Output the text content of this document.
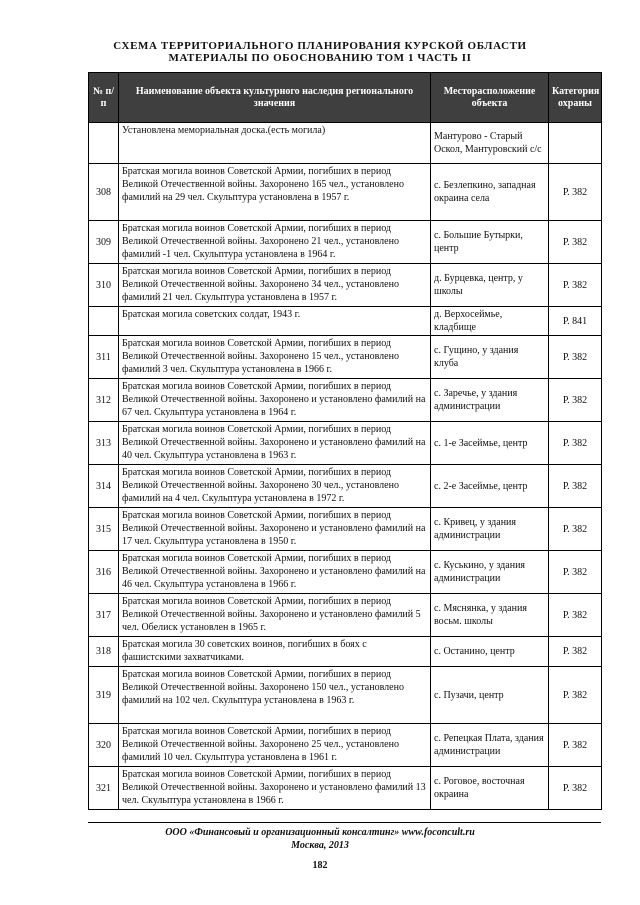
СХЕМА ТЕРРИТОРИАЛЬНОГО ПЛАНИРОВАНИЯ КУРСКОЙ ОБЛАСТИ
МАТЕРИАЛЫ ПО ОБОСНОВАНИЮ ТОМ 1 ЧАСТЬ II
№ п/п	Наименование объекта культурного наследия регионального значения	Месторасположение объекта	Категория охраны
	Установлена мемориальная доска.(есть могила)	Мантурово - Старый Оскол, Мантуровский с/с	
308	Братская могила воинов Советской Армии, погибших в период Великой Отечественной войны. Захоронено 165 чел., установлено фамилий на 29 чел. Скульптура установлена в 1957 г.	с. Безлепкино, западная окраина села	Р. 382
309	Братская могила воинов Советской Армии, погибших в период Великой Отечественной войны. Захоронено 21 чел., установлено фамилий -1 чел. Скульптура установлена в 1964 г.	с. Большие Бутырки, центр	Р. 382
310	Братская могила воинов Советской Армии, погибших в период Великой Отечественной войны. Захоронено 34 чел., установлено фамилий 21 чел. Скульптура установлена в 1957 г.	д. Бурцевка, центр, у школы	Р. 382
	Братская могила советских солдат, 1943 г.	д. Верхосеймье, кладбище	Р. 841
311	Братская могила воинов Советской Армии, погибших в период Великой Отечественной войны. Захоронено 15 чел., установлено фамилий 3 чел. Скульптура установлена в 1966 г.	с. Гущино, у здания клуба	Р. 382
312	Братская могила воинов Советской Армии, погибших в период Великой Отечественной войны. Захоронено и установлено фамилий на 67 чел. Скульптура установлена в 1964 г.	с. Заречье, у здания администрации	Р. 382
313	Братская могила воинов Советской Армии, погибших в период Великой Отечественной войны. Захоронено и установлено фамилий на 40 чел. Скульптура установлена в 1963 г.	с. 1-е Засеймье, центр	Р. 382
314	Братская могила воинов Советской Армии, погибших в период Великой Отечественной войны. Захоронено 30 чел., установлено фамилий на 4 чел. Скульптура установлена в 1972 г.	с. 2-е Засеймье, центр	Р. 382
315	Братская могила воинов Советской Армии, погибших в период Великой Отечественной войны. Захоронено и установлено фамилий на 17 чел. Скульптура установлена в 1950 г.	с. Кривец, у здания администрации	Р. 382
316	Братская могила воинов Советской Армии, погибших в период Великой Отечественной войны. Захоронено и установлено фамилий на 46 чел. Скульптура установлена в 1966 г.	с. Куськино, у здания администрации	Р. 382
317	Братская могила воинов Советской Армии, погибших в период Великой Отечественной войны. Захоронено и установлено фамилий 5 чел. Обелиск установлен в 1965 г.	с. Мяснянка, у здания восьм. школы	Р. 382
318	Братская могила 30 советских воинов, погибших в боях с фашистскими захватчиками.	с. Останино, центр	Р. 382
319	Братская могила воинов Советской Армии, погибших в период Великой Отечественной войны. Захоронено 150 чел., установлено фамилий на 102 чел. Скульптура установлена в 1963 г.	с. Пузачи, центр	Р. 382
320	Братская могила воинов Советской Армии, погибших в период Великой Отечественной войны. Захоронено 25 чел., установлено фамилий 10 чел. Скульптура установлена в 1961 г.	с. Репецкая Плата, здания администрации	Р. 382
321	Братская могила воинов Советской Армии, погибших в период Великой Отечественной войны. Захоронено и установлено фамилий 13 чел. Скульптура установлена в 1966 г.	с. Роговое, восточная окраина	Р. 382
ООО «Финансовый и организационный консалтинг» www.foconcult.ru
Москва, 2013
182
